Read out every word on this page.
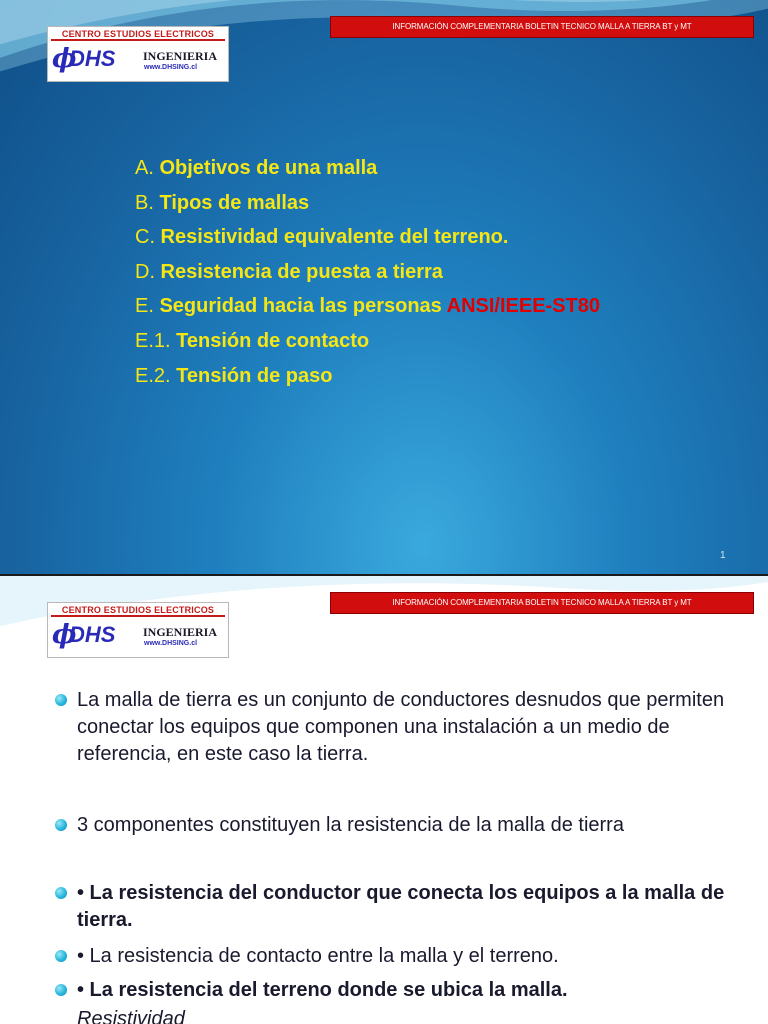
CENTRO ESTUDIOS ELECTRICOS
ϕ
DHS INGENIERIA
www.DHSING.cl
INFORMACIÓN COMPLEMENTARIA BOLETIN TECNICO MALLA A TIERRA BT y MT
A. Objetivos de una malla
B. Tipos de mallas
C. Resistividad equivalente del terreno.
D. Resistencia de puesta a tierra
E. Seguridad hacia las personas ANSI/IEEE-ST80
E.1. Tensión de contacto
E.2. Tensión de paso
1
CENTRO ESTUDIOS ELECTRICOS
ϕ
DHS INGENIERIA
www.DHSING.cl
INFORMACIÓN COMPLEMENTARIA BOLETIN TECNICO MALLA A TIERRA BT y MT
La malla de tierra es un conjunto de conductores desnudos que permiten conectar los equipos que componen una instalación a un medio de referencia, en este caso la tierra.
3 componentes constituyen la resistencia de la malla de tierra
• La resistencia del conductor que conecta los equipos a la malla de tierra.
• La resistencia de contacto entre la malla y el terreno.
• La resistencia del terreno donde se ubica la malla.
Resistividad
